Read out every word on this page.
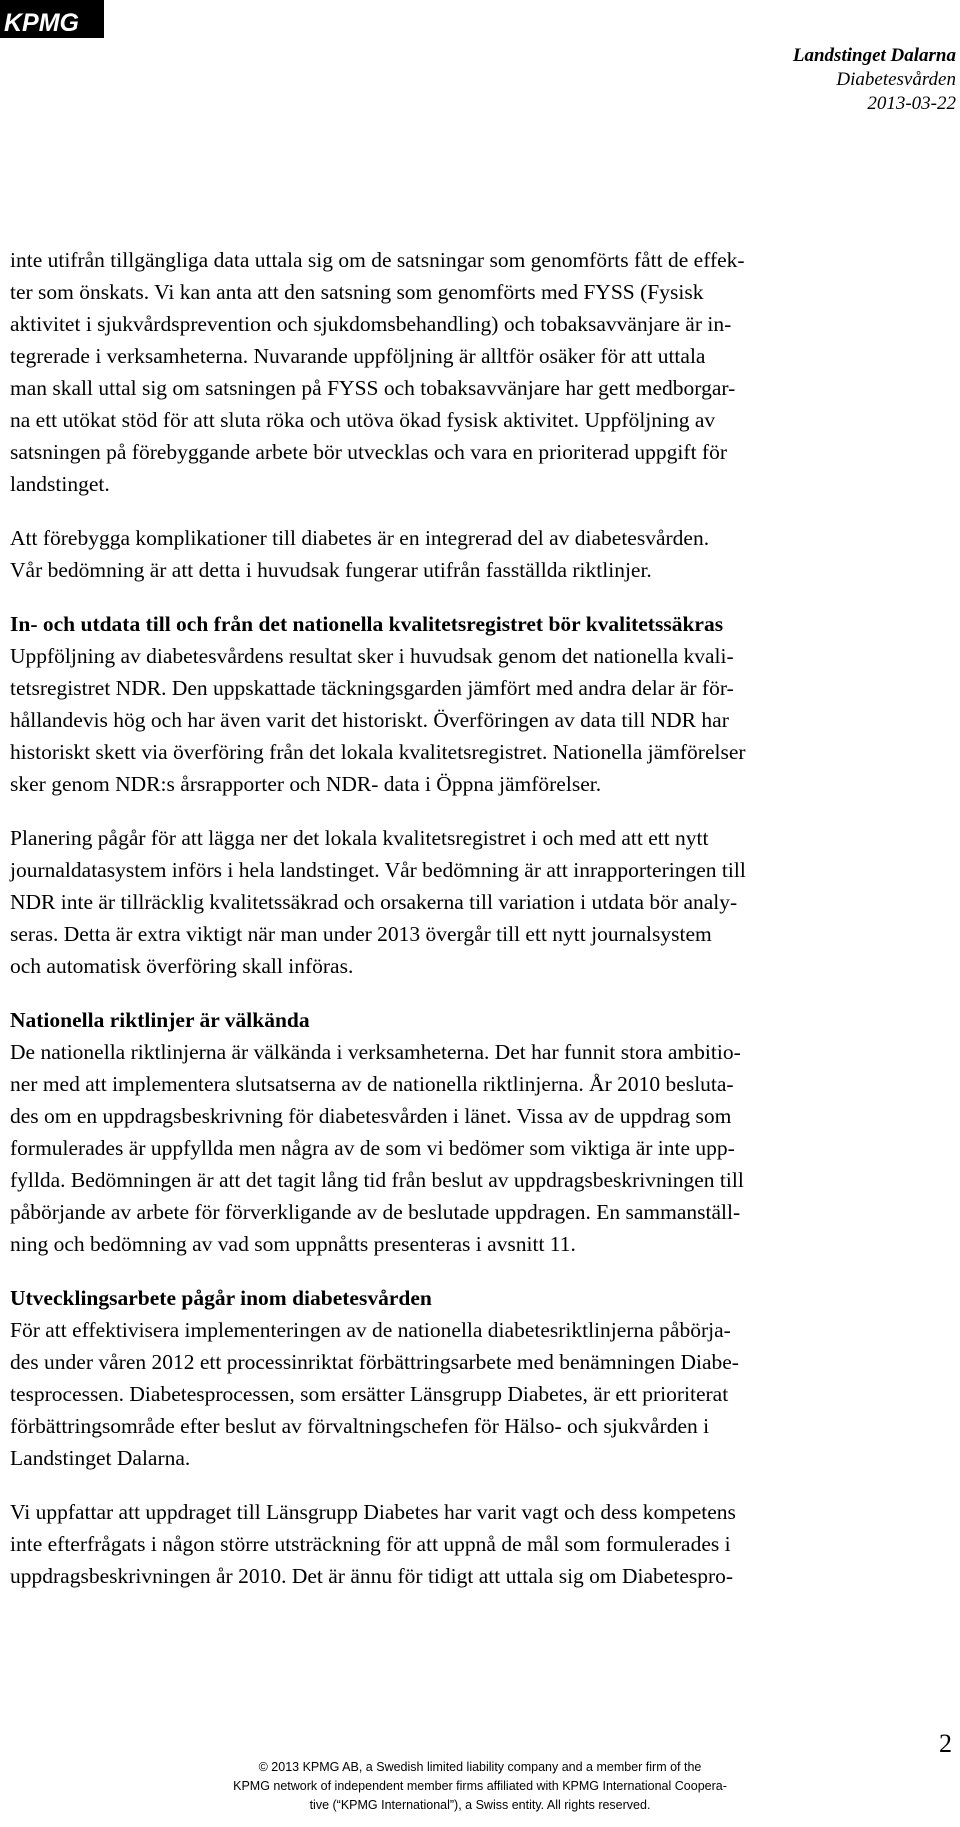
KPMG
Landstinget Dalarna
Diabetesvården
2013-03-22

inte utifrån tillgängliga data uttala sig om de satsningar som genomförts fått de effek-
ter som önskats. Vi kan anta att den satsning som genomförts med FYSS (Fysisk
aktivitet i sjukvårdsprevention och sjukdomsbehandling) och tobaksavvänjare är in-
tegrerade i verksamheterna. Nuvarande uppföljning är alltför osäker för att uttala
man skall uttal sig om satsningen på FYSS och tobaksavvänjare har gett medborgar-
na ett utökat stöd för att sluta röka och utöva ökad fysisk aktivitet. Uppföljning av
satsningen på förebyggande arbete bör utvecklas och vara en prioriterad uppgift för
landstinget.

Att förebygga komplikationer till diabetes är en integrerad del av diabetesvården.
Vår bedömning är att detta i huvudsak fungerar utifrån fasställda riktlinjer.

In- och utdata till och från det nationella kvalitetsregistret bör kvalitetssäkras
Uppföljning av diabetesvårdens resultat sker i huvudsak genom det nationella kvali-
tetsregistret NDR. Den uppskattade täckningsgarden jämfört med andra delar är för-
hållandevis hög och har även varit det historiskt. Överföringen av data till NDR har
historiskt skett via överföring från det lokala kvalitetsregistret. Nationella jämförelser
sker genom NDR:s årsrapporter och NDR- data i Öppna jämförelser.

Planering pågår för att lägga ner det lokala kvalitetsregistret i och med att ett nytt
journaldatasystem införs i hela landstinget. Vår bedömning är att inrapporteringen till
NDR inte är tillräcklig kvalitetssäkrad och orsakerna till variation i utdata bör analy-
seras. Detta är extra viktigt när man under 2013 övergår till ett nytt journalsystem
och automatisk överföring skall införas.

Nationella riktlinjer är välkända
De nationella riktlinjerna är välkända i verksamheterna. Det har funnit stora ambitio-
ner med att implementera slutsatserna av de nationella riktlinjerna. År 2010 besluta-
des om en uppdragsbeskrivning för diabetesvården i länet. Vissa av de uppdrag som
formulerades är uppfyllda men några av de som vi bedömer som viktiga är inte upp-
fyllda. Bedömningen är att det tagit lång tid från beslut av uppdragsbeskrivningen till
påbörjande av arbete för förverkligande av de beslutade uppdragen. En sammanställ-
ning och bedömning av vad som uppnåtts presenteras i avsnitt 11.

Utvecklingsarbete pågår inom diabetesvården
För att effektivisera implementeringen av de nationella diabetesriktlinjerna påbörja-
des under våren 2012 ett processinriktat förbättringsarbete med benämningen Diabe-
tesprocessen. Diabetesprocessen, som ersätter Länsgrupp Diabetes, är ett prioriterat
förbättringsområde efter beslut av förvaltningschefen för Hälso- och sjukvården i
Landstinget Dalarna.

Vi uppfattar att uppdraget till Länsgrupp Diabetes har varit vagt och dess kompetens
inte efterfrågats i någon större utsträckning för att uppnå de mål som formulerades i
uppdragsbeskrivningen år 2010. Det är ännu för tidigt att uttala sig om Diabetespro-

2
© 2013 KPMG AB, a Swedish limited liability company and a member firm of the
KPMG network of independent member firms affiliated with KPMG International Coopera-
tive (“KPMG International”), a Swiss entity. All rights reserved.
